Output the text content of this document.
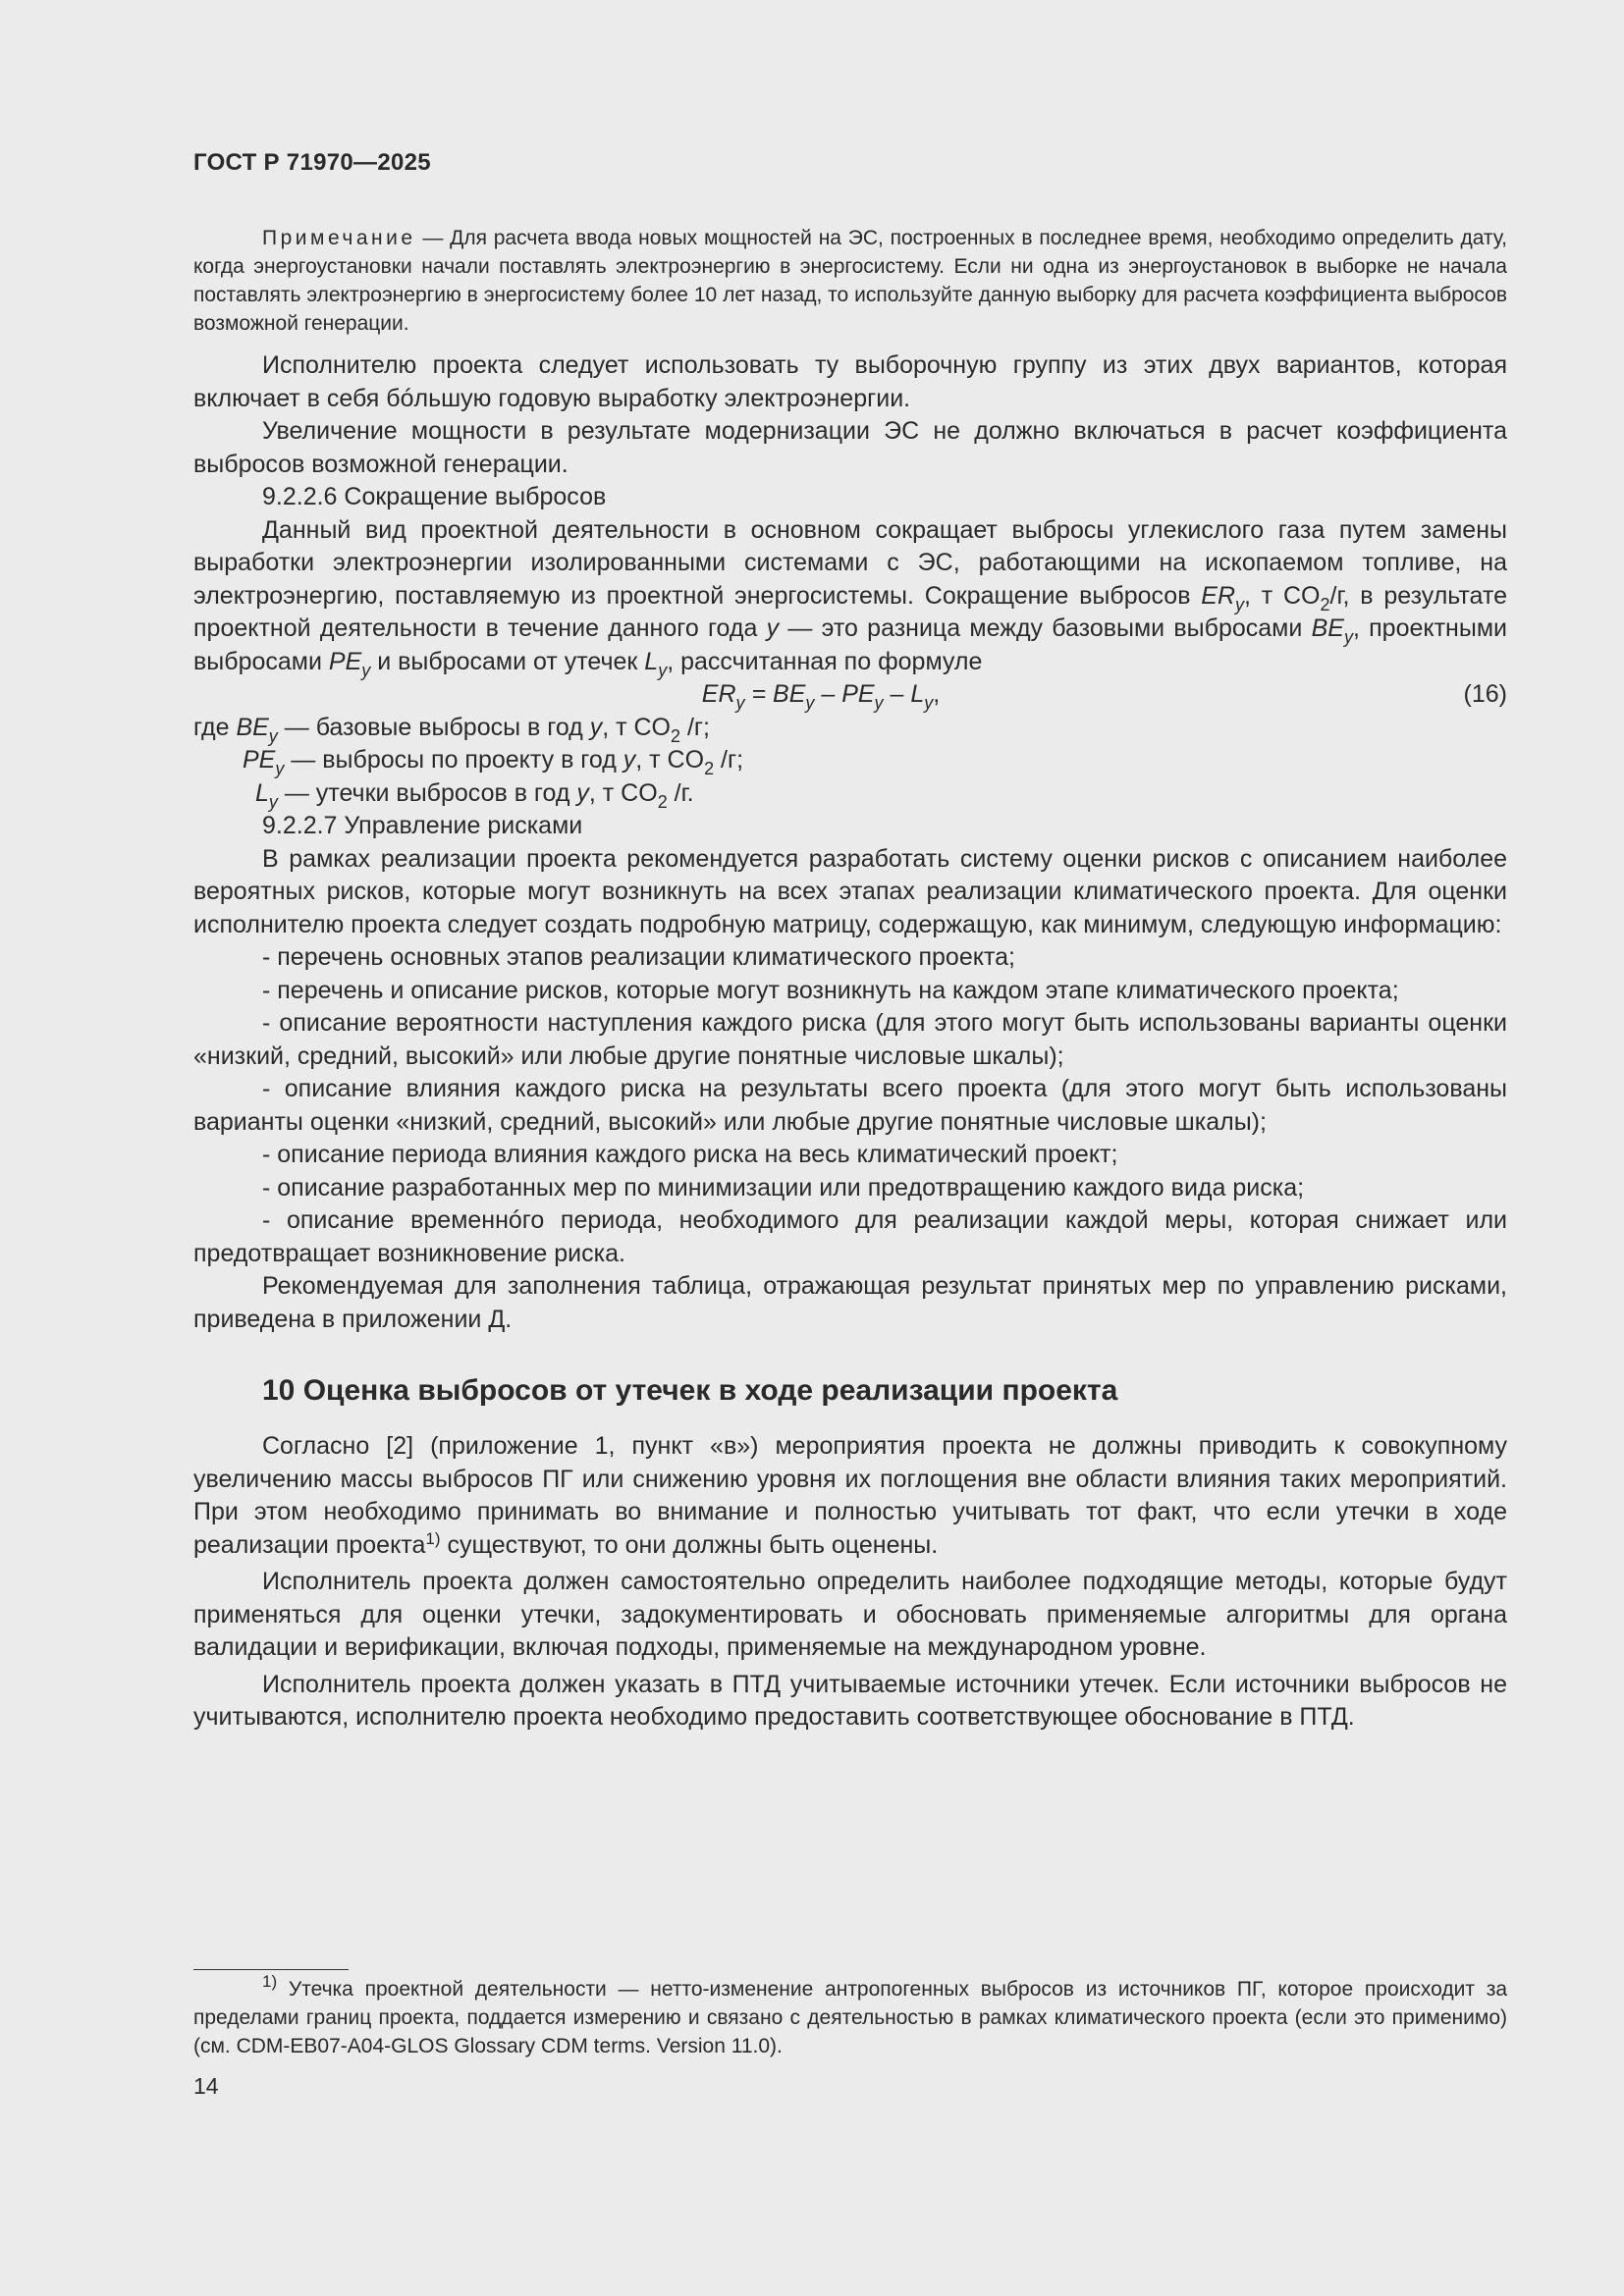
ГОСТ Р 71970—2025

Примечание — Для расчета ввода новых мощностей на ЭС, построенных в последнее время, необходимо определить дату, когда энергоустановки начали поставлять электроэнергию в энергосистему. Если ни одна из энергоустановок в выборке не начала поставлять электроэнергию в энергосистему более 10 лет назад, то используйте данную выборку для расчета коэффициента выбросов возможной генерации.

Исполнителю проекта следует использовать ту выборочную группу из этих двух вариантов, которая включает в себя бóльшую годовую выработку электроэнергии.

Увеличение мощности в результате модернизации ЭС не должно включаться в расчет коэффициента выбросов возможной генерации.

9.2.2.6 Сокращение выбросов

Данный вид проектной деятельности в основном сокращает выбросы углекислого газа путем замены выработки электроэнергии изолированными системами с ЭС, работающими на ископаемом топливе, на электроэнергию, поставляемую из проектной энергосистемы. Сокращение выбросов $ER_y$, т $CO_2/г$, в результате проектной деятельности в течение данного года y — это разница между базовыми выбросами $BE_y$, проектными выбросами $PE_y$ и выбросами от утечек $L_y$, рассчитанная по формуле

$ER_y = BE_y - PE_y - L_y$,	(16)

где $BE_y$ — базовые выбросы в год y, т $CO_2$ /г;

$PE_y$ — выбросы по проекту в год y, т $CO_2$ /г;

$L_y$ — утечки выбросов в год y, т $CO_2$ /г.

9.2.2.7 Управление рисками

В рамках реализации проекта рекомендуется разработать систему оценки рисков с описанием наиболее вероятных рисков, которые могут возникнуть на всех этапах реализации климатического проекта. Для оценки исполнителю проекта следует создать подробную матрицу, содержащую, как минимум, следующую информацию:

- перечень основных этапов реализации климатического проекта;

- перечень и описание рисков, которые могут возникнуть на каждом этапе климатического проекта;

- описание вероятности наступления каждого риска (для этого могут быть использованы варианты оценки «низкий, средний, высокий» или любые другие понятные числовые шкалы);

- описание влияния каждого риска на результаты всего проекта (для этого могут быть использованы варианты оценки «низкий, средний, высокий» или любые другие понятные числовые шкалы);

- описание периода влияния каждого риска на весь климатический проект;

- описание разработанных мер по минимизации или предотвращению каждого вида риска;

- описание временнóго периода, необходимого для реализации каждой меры, которая снижает или предотвращает возникновение риска.

Рекомендуемая для заполнения таблица, отражающая результат принятых мер по управлению рисками, приведена в приложении Д.

10 Оценка выбросов от утечек в ходе реализации проекта

Согласно [2] (приложение 1, пункт «в») мероприятия проекта не должны приводить к совокупному увеличению массы выбросов ПГ или снижению уровня их поглощения вне области влияния таких мероприятий. При этом необходимо принимать во внимание и полностью учитывать тот факт, что если утечки в ходе реализации проекта$^{1)}$ существуют, то они должны быть оценены.

Исполнитель проекта должен самостоятельно определить наиболее подходящие методы, которые будут применяться для оценки утечки, задокументировать и обосновать применяемые алгоритмы для органа валидации и верификации, включая подходы, применяемые на международном уровне.

Исполнитель проекта должен указать в ПТД учитываемые источники утечек. Если источники выбросов не учитываются, исполнителю проекта необходимо предоставить соответствующее обоснование в ПТД.

$^{1)}$ Утечка проектной деятельности — нетто-изменение антропогенных выбросов из источников ПГ, которое происходит за пределами границ проекта, поддается измерению и связано с деятельностью в рамках климатического проекта (если это применимо) (см. CDM-EB07-A04-GLOS Glossary CDM terms. Version 11.0).
14
